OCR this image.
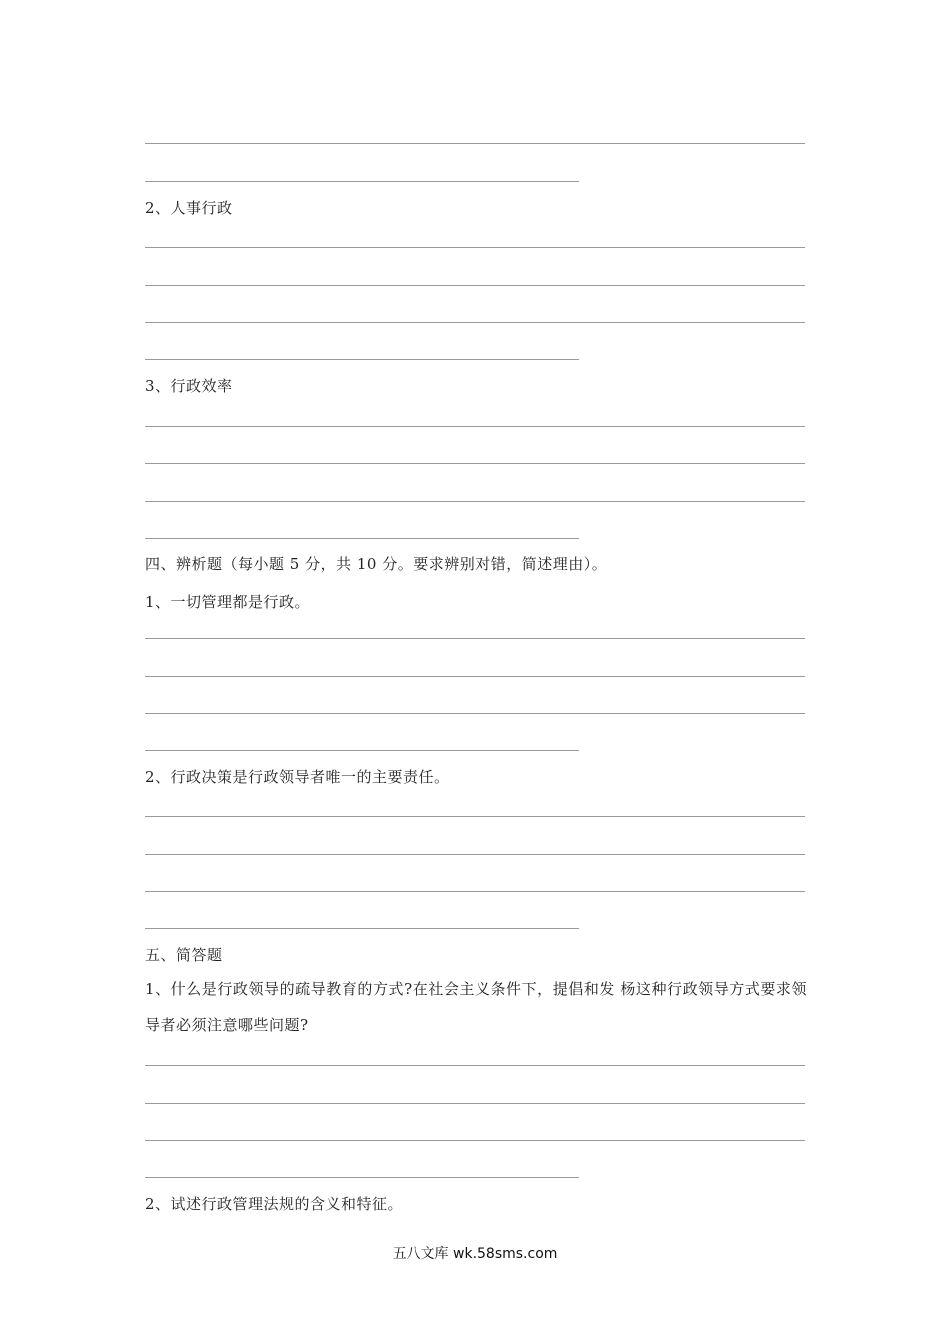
2、人事行政
3、行政效率
四、辨析题（每小题 5 分，共 10 分。要求辨别对错，简述理由）。
1、一切管理都是行政。
2、行政决策是行政领导者唯一的主要责任。
五、简答题
1、什么是行政领导的疏导教育的方式?在社会主义条件下，提倡和发 杨这种行政领导方式要求领导者必须注意哪些问题?
2、试述行政管理法规的含义和特征。
五八文库 wk.58sms.com
